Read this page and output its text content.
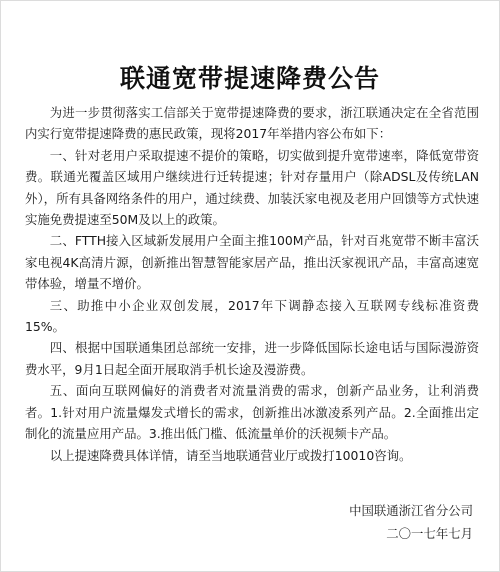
联通宽带提速降费公告

为进一步贯彻落实工信部关于宽带提速降费的要求，浙江联通决定在全省范围内实行宽带提速降费的惠民政策，现将2017年举措内容公布如下：

一、针对老用户采取提速不提价的策略，切实做到提升宽带速率，降低宽带资费。联通光覆盖区域用户继续进行迁转提速；针对存量用户（除ADSL及传统LAN外），所有具备网络条件的用户，通过续费、加装沃家电视及老用户回馈等方式快速实施免费提速至50M及以上的政策。

二、FTTH接入区域新发展用户全面主推100M产品，针对百兆宽带不断丰富沃家电视4K高清片源，创新推出智慧智能家居产品，推出沃家视讯产品，丰富高速宽带体验，增量不增价。

三、助推中小企业双创发展，2017年下调静态接入互联网专线标准资费15%。

四、根据中国联通集团总部统一安排，进一步降低国际长途电话与国际漫游资费水平，9月1日起全面开展取消手机长途及漫游费。

五、面向互联网偏好的消费者对流量消费的需求，创新产品业务，让利消费者。1.针对用户流量爆发式增长的需求，创新推出冰激凌系列产品。2.全面推出定制化的流量应用产品。3.推出低门槛、低流量单价的沃视频卡产品。

以上提速降费具体详情，请至当地联通营业厅或拨打10010咨询。

中国联通浙江省分公司
二〇一七年七月
